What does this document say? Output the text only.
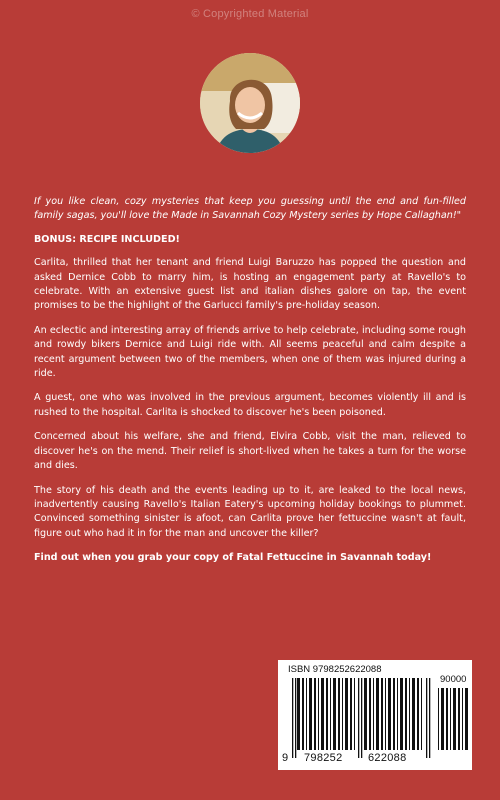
© Copyrighted Material

If you like clean, cozy mysteries that keep you guessing until the end and fun-filled family sagas, you'll love the Made in Savannah Cozy Mystery series by Hope Callaghan!"

BONUS: RECIPE INCLUDED!

Carlita, thrilled that her tenant and friend Luigi Baruzzo has popped the question and asked Dernice Cobb to marry him, is hosting an engagement party at Ravello's to celebrate. With an extensive guest list and italian dishes galore on tap, the event promises to be the highlight of the Garlucci family's pre-holiday season.

An eclectic and interesting array of friends arrive to help celebrate, including some rough and rowdy bikers Dernice and Luigi ride with. All seems peaceful and calm despite a recent argument between two of the members, when one of them was injured during a ride.

A guest, one who was involved in the previous argument, becomes violently ill and is rushed to the hospital. Carlita is shocked to discover he's been poisoned.

Concerned about his welfare, she and friend, Elvira Cobb, visit the man, relieved to discover he's on the mend. Their relief is short-lived when he takes a turn for the worse and dies.

The story of his death and the events leading up to it, are leaked to the local news, inadvertently causing Ravello's Italian Eatery's upcoming holiday bookings to plummet. Convinced something sinister is afoot, can Carlita prove her fettuccine wasn't at fault, figure out who had it in for the man and uncover the killer?

Find out when you grab your copy of Fatal Fettuccine in Savannah today!

ISBN 9798252622088
90000
9 798252 622088
